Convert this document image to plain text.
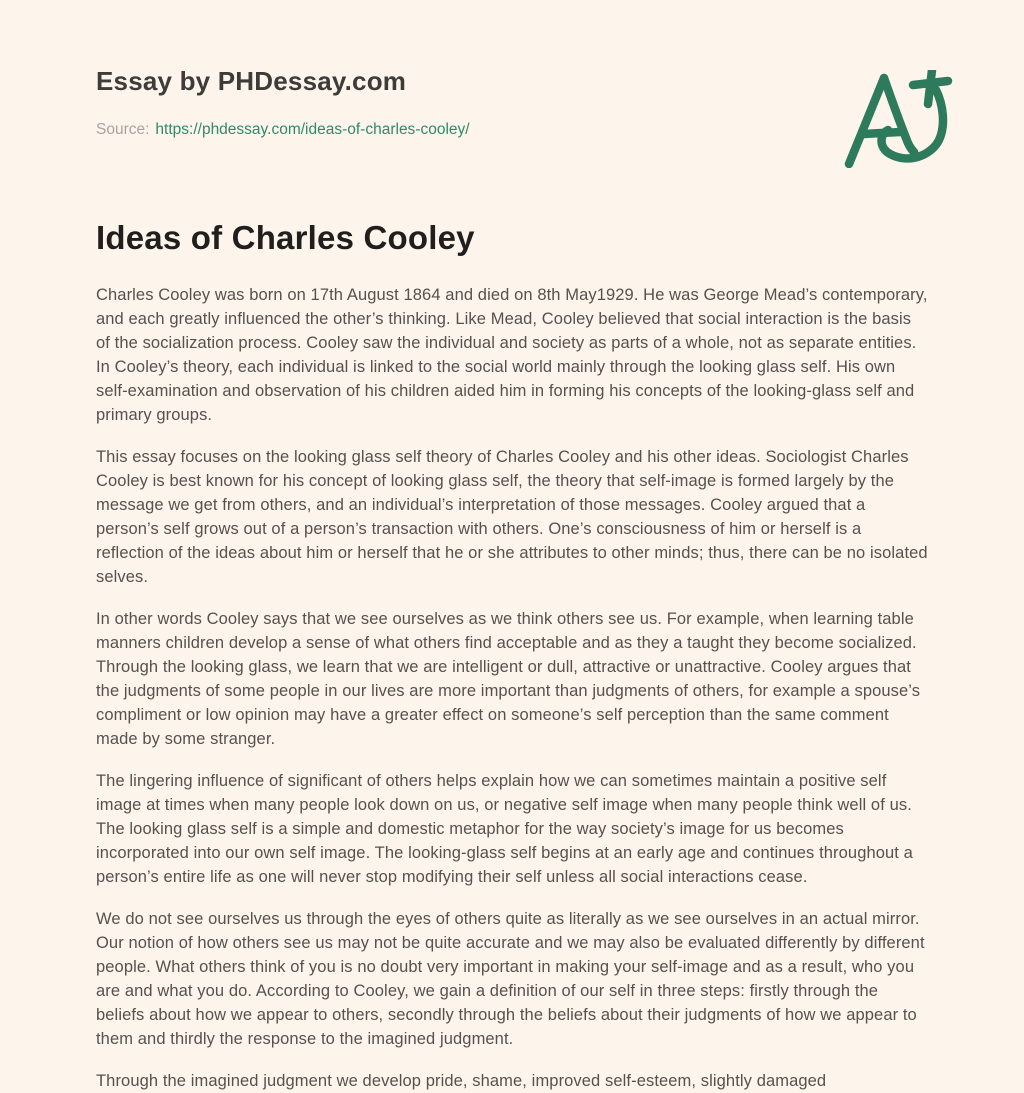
Essay by PHDessay.com
Source: https://phdessay.com/ideas-of-charles-cooley/
Ideas of Charles Cooley

Charles Cooley was born on 17th August 1864 and died on 8th May1929. He was George Mead’s contemporary, and each greatly influenced the other’s thinking. Like Mead, Cooley believed that social interaction is the basis of the socialization process. Cooley saw the individual and society as parts of a whole, not as separate entities. In Cooley’s theory, each individual is linked to the social world mainly through the looking glass self. His own self-examination and observation of his children aided him in forming his concepts of the looking-glass self and primary groups.

This essay focuses on the looking glass self theory of Charles Cooley and his other ideas. Sociologist Charles Cooley is best known for his concept of looking glass self, the theory that self-image is formed largely by the message we get from others, and an individual’s interpretation of those messages. Cooley argued that a person’s self grows out of a person’s transaction with others. One’s consciousness of him or herself is a reflection of the ideas about him or herself that he or she attributes to other minds; thus, there can be no isolated selves.

In other words Cooley says that we see ourselves as we think others see us. For example, when learning table manners children develop a sense of what others find acceptable and as they a taught they become socialized. Through the looking glass, we learn that we are intelligent or dull, attractive or unattractive. Cooley argues that the judgments of some people in our lives are more important than judgments of others, for example a spouse’s compliment or low opinion may have a greater effect on someone’s self perception than the same comment made by some stranger.

The lingering influence of significant of others helps explain how we can sometimes maintain a positive self image at times when many people look down on us, or negative self image when many people think well of us. The looking glass self is a simple and domestic metaphor for the way society’s image for us becomes incorporated into our own self image. The looking-glass self begins at an early age and continues throughout a person’s entire life as one will never stop modifying their self unless all social interactions cease.

We do not see ourselves us through the eyes of others quite as literally as we see ourselves in an actual mirror. Our notion of how others see us may not be quite accurate and we may also be evaluated differently by different people. What others think of you is no doubt very important in making your self-image and as a result, who you are and what you do. According to Cooley, we gain a definition of our self in three steps: firstly through the beliefs about how we appear to others, secondly through the beliefs about their judgments of how we appear to them and thirdly the response to the imagined judgment.

Through the imagined judgment we develop pride, shame, improved self-esteem, slightly damaged
